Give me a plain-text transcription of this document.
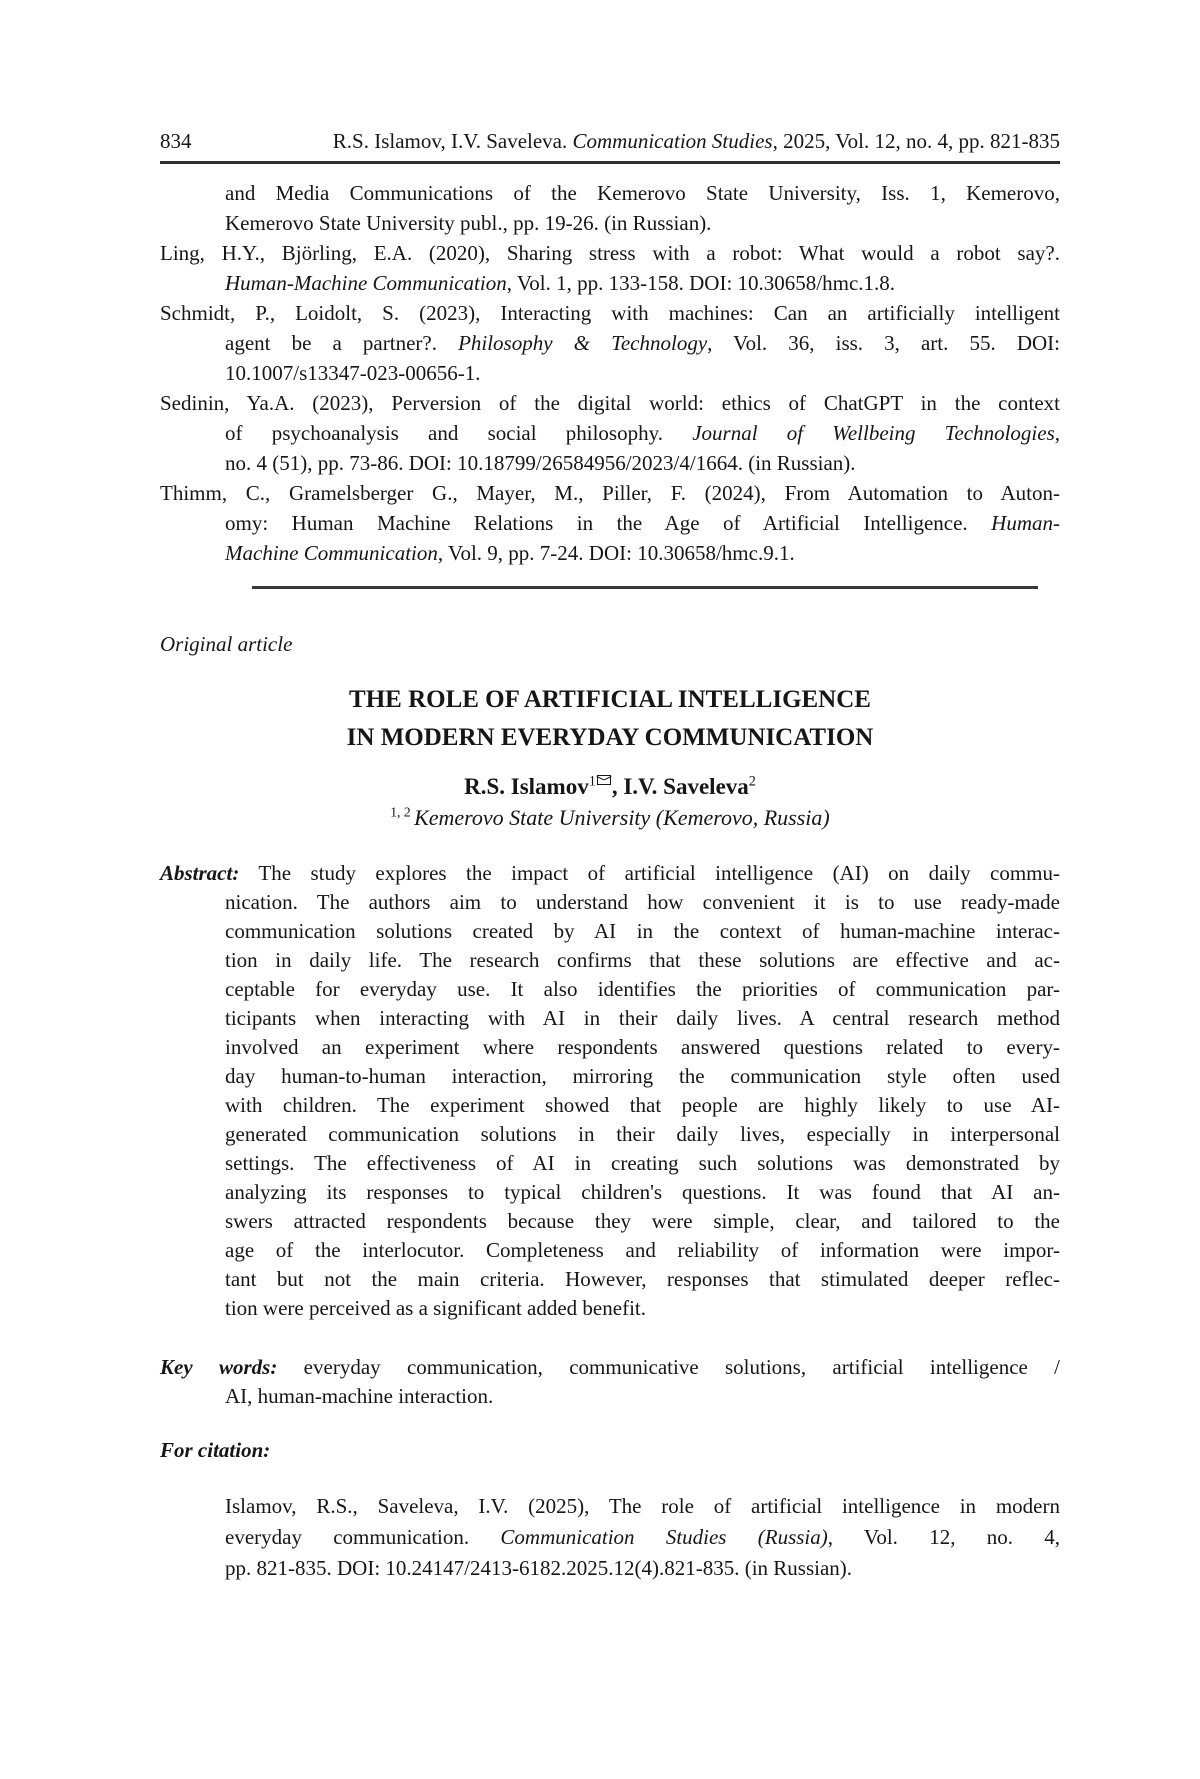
834	R.S. Islamov, I.V. Saveleva. Communication Studies, 2025, Vol. 12, no. 4, pp. 821-835
and Media Communications of the Kemerovo State University, Iss. 1, Kemerovo,
Kemerovo State University publ., pp. 19-26. (in Russian).
Ling, H.Y., Björling, E.A. (2020), Sharing stress with a robot: What would a robot say?.
Human-Machine Communication, Vol. 1, pp. 133-158. DOI: 10.30658/hmc.1.8.
Schmidt, P., Loidolt, S. (2023), Interacting with machines: Can an artificially intelligent
agent be a partner?. Philosophy & Technology, Vol. 36, iss. 3, art. 55. DOI:
10.1007/s13347-023-00656-1.
Sedinin, Ya.A. (2023), Perversion of the digital world: ethics of ChatGPT in the context
of psychoanalysis and social philosophy. Journal of Wellbeing Technologies,
no. 4 (51), pp. 73-86. DOI: 10.18799/26584956/2023/4/1664. (in Russian).
Thimm, C., Gramelsberger G., Mayer, M., Piller, F. (2024), From Automation to Auton-
omy: Human Machine Relations in the Age of Artificial Intelligence. Human-
Machine Communication, Vol. 9, pp. 7-24. DOI: 10.30658/hmc.9.1.
Original article
THE ROLE OF ARTIFICIAL INTELLIGENCE
IN MODERN EVERYDAY COMMUNICATION
R.S. Islamov$^1$ , I.V. Saveleva$^2$
$^{1, 2}$ Kemerovo State University (Kemerovo, Russia)
Abstract: The study explores the impact of artificial intelligence (AI) on daily commu-
nication. The authors aim to understand how convenient it is to use ready-made
communication solutions created by AI in the context of human-machine interac-
tion in daily life. The research confirms that these solutions are effective and ac-
ceptable for everyday use. It also identifies the priorities of communication par-
ticipants when interacting with AI in their daily lives. A central research method
involved an experiment where respondents answered questions related to every-
day human-to-human interaction, mirroring the communication style often used
with children. The experiment showed that people are highly likely to use AI-
generated communication solutions in their daily lives, especially in interpersonal
settings. The effectiveness of AI in creating such solutions was demonstrated by
analyzing its responses to typical children's questions. It was found that AI an-
swers attracted respondents because they were simple, clear, and tailored to the
age of the interlocutor. Completeness and reliability of information were impor-
tant but not the main criteria. However, responses that stimulated deeper reflec-
tion were perceived as a significant added benefit.
Key words: everyday communication, communicative solutions, artificial intelligence /
AI, human-machine interaction.
For citation:
Islamov, R.S., Saveleva, I.V. (2025), The role of artificial intelligence in modern
everyday communication. Communication Studies (Russia), Vol. 12, no. 4,
pp. 821-835. DOI: 10.24147/2413-6182.2025.12(4).821-835. (in Russian).
